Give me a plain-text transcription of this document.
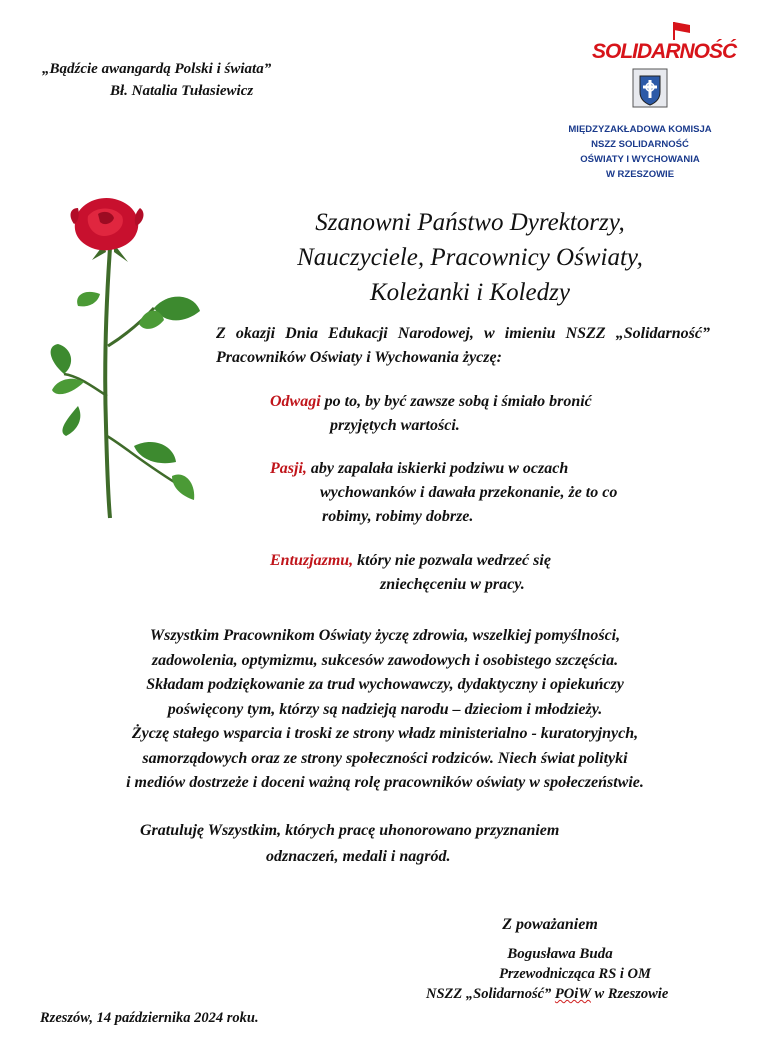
„Bądźcie awangardą Polski i świata”
Bł. Natalia Tułasiewicz
SOLIDARNOŚĆ
MIĘDZYZAKŁADOWA KOMISJA
NSZZ SOLIDARNOŚĆ
OŚWIATY I WYCHOWANIA
W RZESZOWIE
Szanowni Państwo Dyrektorzy,
Nauczyciele, Pracownicy Oświaty,
Koleżanki i Koledzy
Z okazji Dnia Edukacji Narodowej, w imieniu NSZZ „Solidarność” Pracowników Oświaty i Wychowania życzę:
Odwagi po to, by być zawsze sobą i śmiało bronić
przyjętych wartości.
Pasji, aby zapalała iskierki podziwu w oczach
wychowanków i dawała przekonanie, że to co
robimy, robimy dobrze.
Entuzjazmu, który nie pozwala wedrzeć się
zniechęceniu w pracy.
Wszystkim Pracownikom Oświaty życzę zdrowia, wszelkiej pomyślności,
zadowolenia, optymizmu, sukcesów zawodowych i osobistego szczęścia.
Składam podziękowanie za trud wychowawczy, dydaktyczny i opiekuńczy
poświęcony tym, którzy są nadzieją narodu – dzieciom i młodzieży.
Życzę stałego wsparcia i troski ze strony władz ministerialno - kuratoryjnych,
samorządowych oraz ze strony społeczności rodziców. Niech świat polityki
i mediów dostrzeże i doceni ważną rolę pracowników oświaty w społeczeństwie.
Gratuluję Wszystkim, których pracę uhonorowano przyznaniem
odznaczeń, medali i nagród.
Z poważaniem
Bogusława Buda
Przewodnicząca RS i OM
NSZZ „Solidarność” POiW w Rzeszowie
Rzeszów, 14 października 2024 roku.
